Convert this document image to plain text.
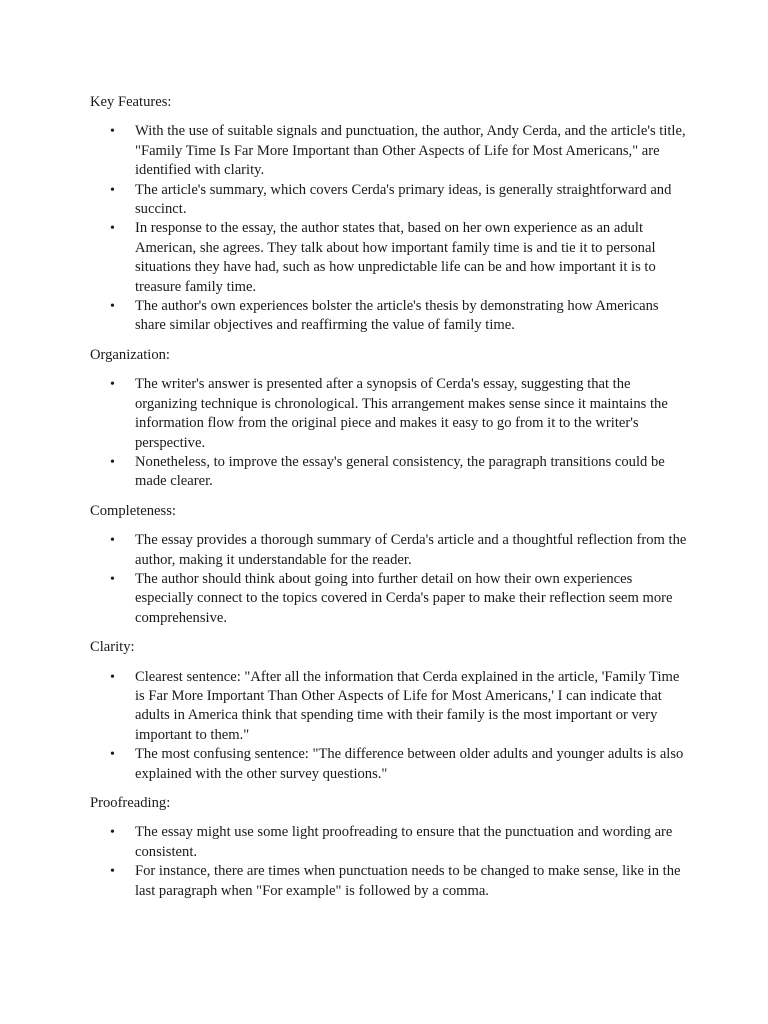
Key Features:

•	With the use of suitable signals and punctuation, the author, Andy Cerda, and the article's title, "Family Time Is Far More Important than Other Aspects of Life for Most Americans," are identified with clarity.
•	The article's summary, which covers Cerda's primary ideas, is generally straightforward and succinct.
•	In response to the essay, the author states that, based on her own experience as an adult American, she agrees. They talk about how important family time is and tie it to personal situations they have had, such as how unpredictable life can be and how important it is to treasure family time.
•	The author's own experiences bolster the article's thesis by demonstrating how Americans share similar objectives and reaffirming the value of family time.

Organization:

•	The writer's answer is presented after a synopsis of Cerda's essay, suggesting that the organizing technique is chronological. This arrangement makes sense since it maintains the information flow from the original piece and makes it easy to go from it to the writer's perspective.
•	Nonetheless, to improve the essay's general consistency, the paragraph transitions could be made clearer.

Completeness:

•	The essay provides a thorough summary of Cerda's article and a thoughtful reflection from the author, making it understandable for the reader.
•	The author should think about going into further detail on how their own experiences especially connect to the topics covered in Cerda's paper to make their reflection seem more comprehensive.

Clarity:

•	Clearest sentence: "After all the information that Cerda explained in the article, 'Family Time is Far More Important Than Other Aspects of Life for Most Americans,' I can indicate that adults in America think that spending time with their family is the most important or very important to them."
•	The most confusing sentence: "The difference between older adults and younger adults is also explained with the other survey questions."

Proofreading:

•	The essay might use some light proofreading to ensure that the punctuation and wording are consistent.
•	For instance, there are times when punctuation needs to be changed to make sense, like in the last paragraph when "For example" is followed by a comma.
